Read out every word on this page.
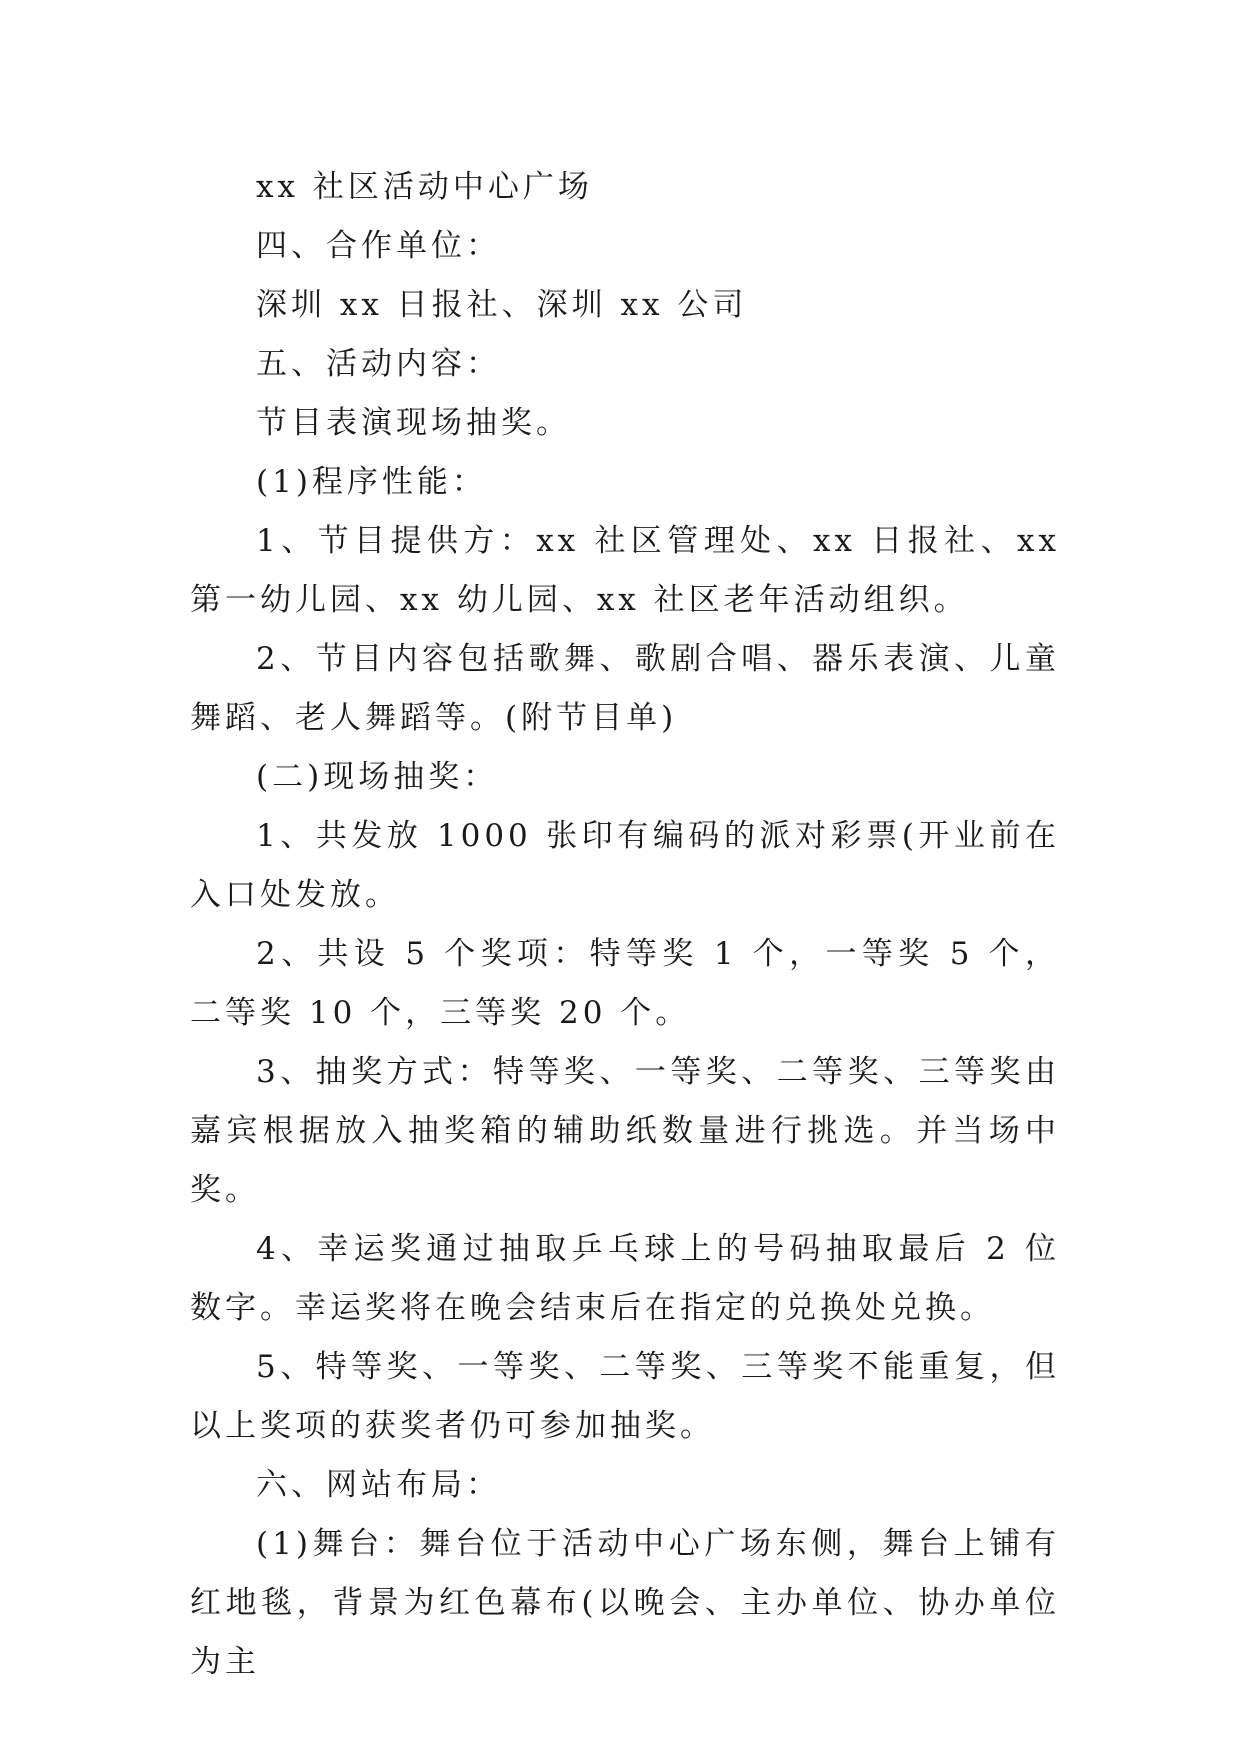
xx 社区活动中心广场

四、合作单位：

深圳 xx 日报社、深圳 xx 公司

五、活动内容：

节目表演现场抽奖。

(1)程序性能：

1、节目提供方：xx 社区管理处、xx 日报社、xx 第一幼儿园、xx 幼儿园、xx 社区老年活动组织。

2、节目内容包括歌舞、歌剧合唱、器乐表演、儿童舞蹈、老人舞蹈等。(附节目单)

(二)现场抽奖：

1、共发放 1000 张印有编码的派对彩票(开业前在入口处发放。

2、共设 5 个奖项：特等奖 1 个，一等奖 5 个，二等奖 10 个，三等奖 20 个。

3、抽奖方式：特等奖、一等奖、二等奖、三等奖由嘉宾根据放入抽奖箱的辅助纸数量进行挑选。并当场中奖。

4、幸运奖通过抽取乒乓球上的号码抽取最后 2 位数字。幸运奖将在晚会结束后在指定的兑换处兑换。

5、特等奖、一等奖、二等奖、三等奖不能重复，但以上奖项的获奖者仍可参加抽奖。

六、网站布局：

(1)舞台：舞台位于活动中心广场东侧，舞台上铺有红地毯，背景为红色幕布(以晚会、主办单位、协办单位为主
